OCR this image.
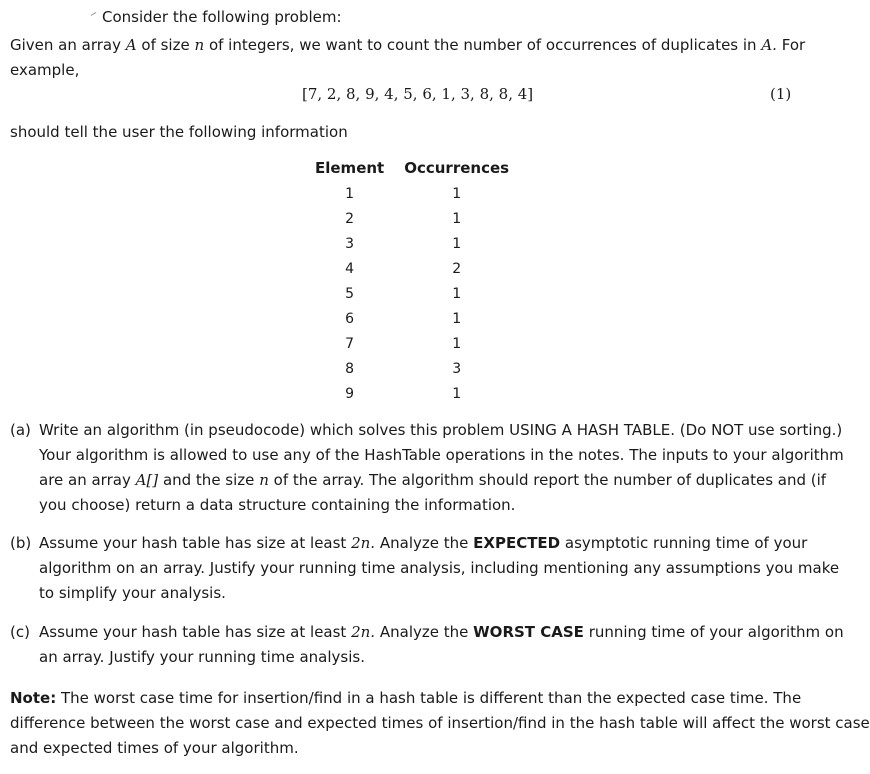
Consider the following problem:
Given an array A of size n of integers, we want to count the number of occurrences of duplicates in A. For
example,
[7, 2, 8, 9, 4, 5, 6, 1, 3, 8, 8, 4]	(1)
should tell the user the following information
Element	Occurrences
1	1
2	1
3	1
4	2
5	1
6	1
7	1
8	3
9	1
(a) Write an algorithm (in pseudocode) which solves this problem USING A HASH TABLE. (Do NOT use sorting.)
Your algorithm is allowed to use any of the HashTable operations in the notes. The inputs to your algorithm
are an array A[] and the size n of the array. The algorithm should report the number of duplicates and (if
you choose) return a data structure containing the information.
(b) Assume your hash table has size at least 2n. Analyze the EXPECTED asymptotic running time of your
algorithm on an array. Justify your running time analysis, including mentioning any assumptions you make
to simplify your analysis.
(c) Assume your hash table has size at least 2n. Analyze the WORST CASE running time of your algorithm on
an array. Justify your running time analysis.
Note: The worst case time for insertion/find in a hash table is different than the expected case time. The
difference between the worst case and expected times of insertion/find in the hash table will affect the worst case
and expected times of your algorithm.
